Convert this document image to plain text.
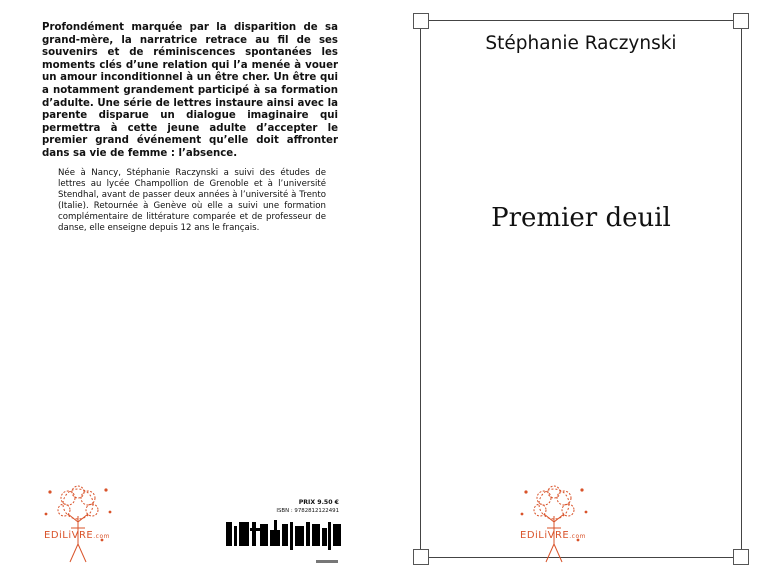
Profondément marquée par la disparition de sa grand-mère, la narratrice retrace au fil de ses souvenirs et de réminiscences spontanées les moments clés d’une relation qui l’a menée à vouer un amour inconditionnel à un être cher. Un être qui a notamment grandement participé à sa formation d’adulte. Une série de lettres instaure ainsi avec la parente disparue un dialogue imaginaire qui permettra à cette jeune adulte d’accepter le premier grand événement qu’elle doit affronter dans sa vie de femme : l’absence.

Née à Nancy, Stéphanie Raczynski a suivi des études de lettres au lycée Champollion de Grenoble et à l’université Stendhal, avant de passer deux années à l’université à Trento (Italie). Retournée à Genève où elle a suivi une formation complémentaire de littérature comparée et de professeur de danse, elle enseigne depuis 12 ans le français.

EDiLiVRE.com
PRIX 9.50 €
ISBN : 9782812122491
Stéphanie Raczynski
Premier deuil
EDiLiVRE.com
